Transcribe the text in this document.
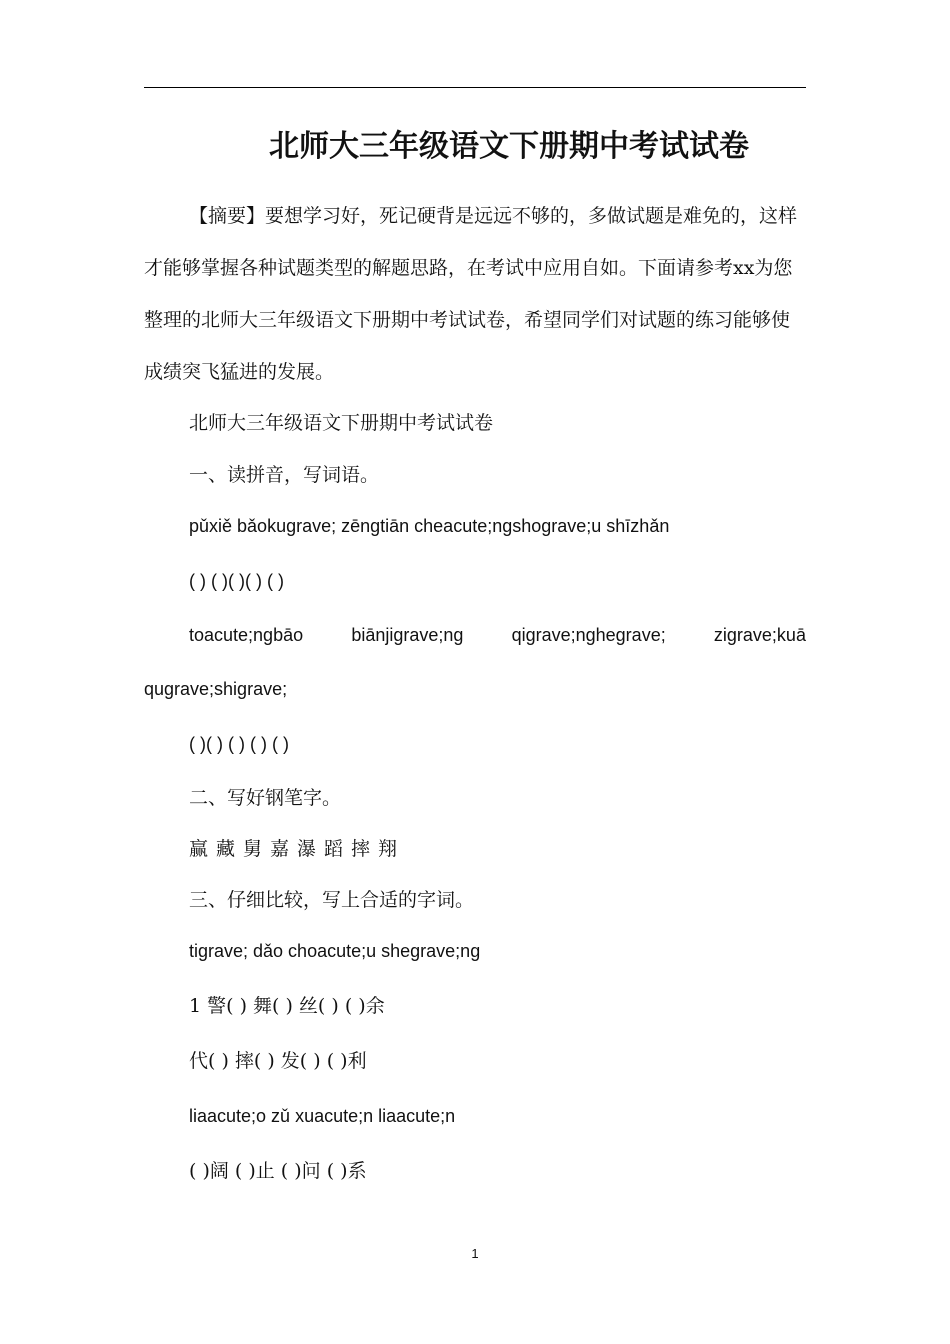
北师大三年级语文下册期中考试试卷

【摘要】要想学习好，死记硬背是远远不够的，多做试题是难免的，这样才能够掌握各种试题类型的解题思路，在考试中应用自如。下面请参考xx为您整理的北师大三年级语文下册期中考试试卷，希望同学们对试题的练习能够使成绩突飞猛进的发展。

北师大三年级语文下册期中考试试卷
一、读拼音，写词语。
pǔxiě bǎokugrave; zēngtiān cheacute;ngshograve;u shīzhǎn
( ) ( )( )( ) ( )
toacute;ngbāo	biānjigrave;ng	qigrave;nghegrave;	zigrave;kuā
qugrave;shigrave;
( )( ) ( ) ( ) ( )
二、写好钢笔字。
赢藏舅嘉瀑蹈摔翔
三、仔细比较，写上合适的字词。
tigrave; dǎo choacute;u shegrave;ng
1 警( ) 舞( ) 丝( ) ( )余
代( ) 摔( ) 发( ) ( )利
liaacute;o zǔ xuacute;n liaacute;n
( )阔 ( )止 ( )问 ( )系
1
